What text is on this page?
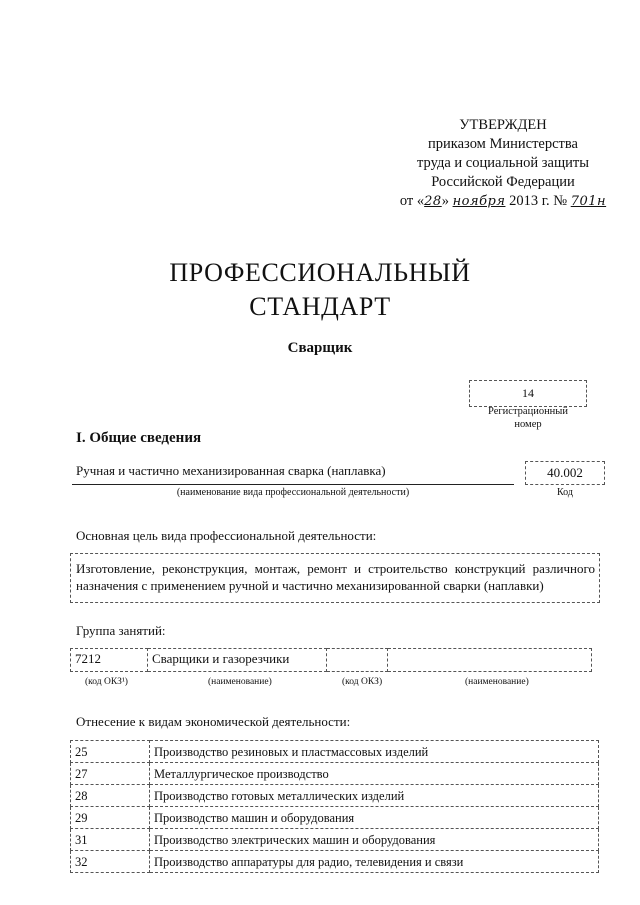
УТВЕРЖДЕН
приказом Министерства
труда и социальной защиты
Российской Федерации
от «28» ноября 2013 г. № 701н
ПРОФЕССИОНАЛЬНЫЙ
СТАНДАРТ
Сварщик
14
Регистрационный
номер
I. Общие сведения
Ручная и частично механизированная сварка (наплавка)
(наименование вида профессиональной деятельности)
40.002
Код
Основная цель вида профессиональной деятельности:
Изготовление, реконструкция, монтаж, ремонт и строительство конструкций различного назначения с применением ручной и частично механизированной сварки (наплавки)
Группа занятий:
7212	Сварщики и газорезчики		
(код ОКЗ¹)	(наименование)	(код ОКЗ)	(наименование)
Отнесение к видам экономической деятельности:
25	Производство резиновых и пластмассовых изделий
27	Металлургическое производство
28	Производство готовых металлических изделий
29	Производство машин и оборудования
31	Производство электрических машин и оборудования
32	Производство аппаратуры для радио, телевидения и связи
